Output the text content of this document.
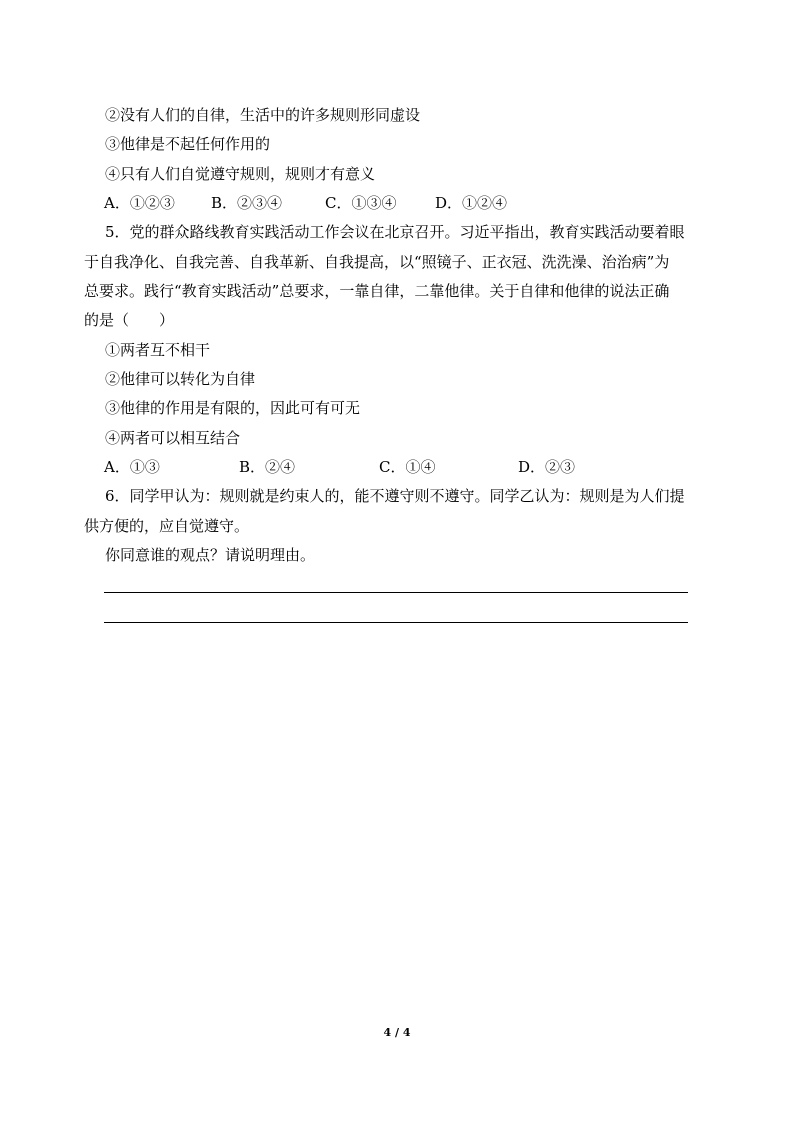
②没有人们的自律，生活中的许多规则形同虚设
③他律是不起任何作用的
④只有人们自觉遵守规则，规则才有意义
A．①②③ B．②③④	C．①③④	D．①②④
5．党的群众路线教育实践活动工作会议在北京召开。习近平指出，教育实践活动要着眼
于自我净化、自我完善、自我革新、自我提高，以“照镜子、正衣冠、洗洗澡、治治病”为
总要求。践行“教育实践活动”总要求，一靠自律，二靠他律。关于自律和他律的说法正确
的是（　　）
①两者互不相干
②他律可以转化为自律
③他律的作用是有限的，因此可有可无
④两者可以相互结合
A．①③	B．②④	C．①④	D．②③
6．同学甲认为：规则就是约束人的，能不遵守则不遵守。同学乙认为：规则是为人们提
供方便的，应自觉遵守。
你同意谁的观点？请说明理由。
4 / 4
